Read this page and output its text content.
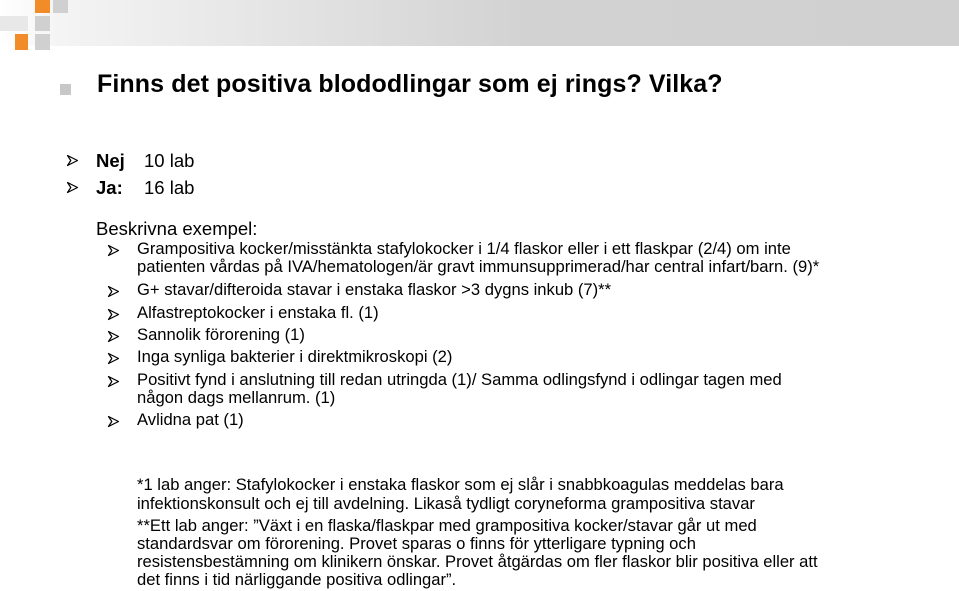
Finns det positiva blododlingar som ej rings? Vilka?
Nej 10 lab
Ja: 16 lab
Beskrivna exempel:
Grampositiva kocker/misstänkta stafylokocker i 1/4 flaskor eller i ett flaskpar (2/4) om inte
patienten vårdas på IVA/hematologen/är gravt immunsupprimerad/har central infart/barn. (9)*
G+ stavar/difteroida stavar i enstaka flaskor >3 dygns inkub (7)**
Alfastreptokocker i enstaka fl. (1)
Sannolik förorening (1)
Inga synliga bakterier i direktmikroskopi (2)
Positivt fynd i anslutning till redan utringda (1)/ Samma odlingsfynd i odlingar tagen med
någon dags mellanrum. (1)
Avlidna pat (1)
*1 lab anger: Stafylokocker i enstaka flaskor som ej slår i snabbkoagulas meddelas bara
infektionskonsult och ej till avdelning. Likaså tydligt coryneforma grampositiva stavar
**Ett lab anger: ”Växt i en flaska/flaskpar med grampositiva kocker/stavar går ut med
standardsvar om förorening. Provet sparas o finns för ytterligare typning och
resistensbestämning om klinikern önskar. Provet åtgärdas om fler flaskor blir positiva eller att
det finns i tid närliggande positiva odlingar”.
